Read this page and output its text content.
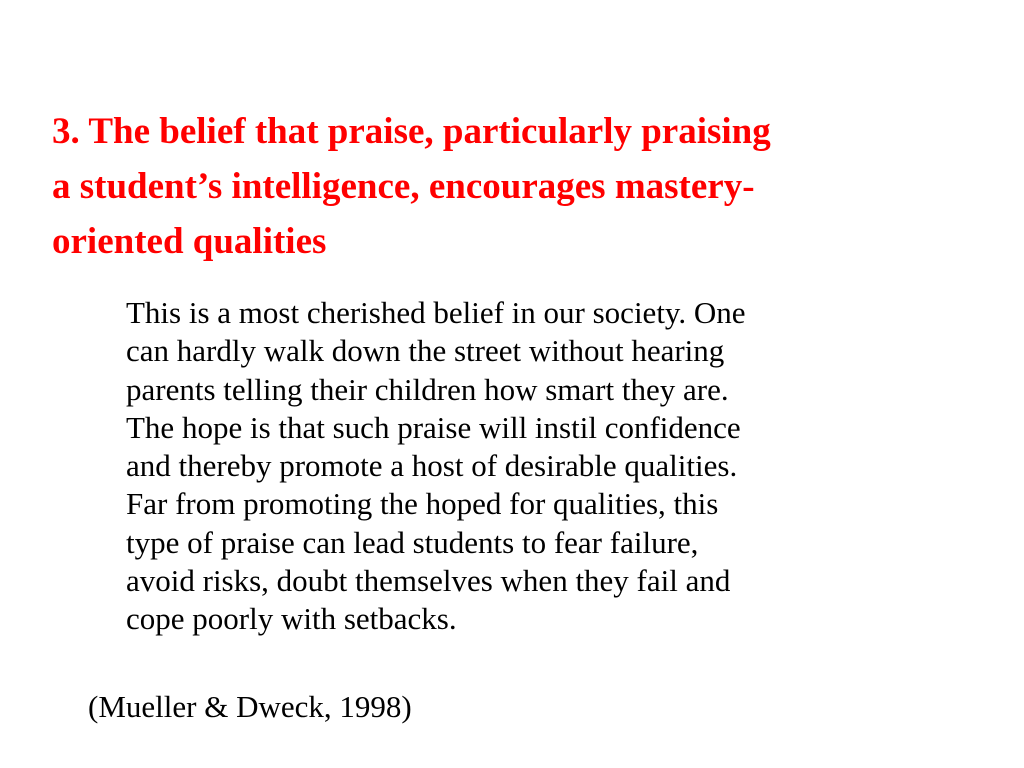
3. The belief that praise, particularly praising
a student’s intelligence, encourages mastery-
oriented qualities
This is a most cherished belief in our society. One
can hardly walk down the street without hearing
parents telling their children how smart they are.
The hope is that such praise will instil confidence
and thereby promote a host of desirable qualities.
Far from promoting the hoped for qualities, this
type of praise can lead students to fear failure,
avoid risks, doubt themselves when they fail and
cope poorly with setbacks.

(Mueller & Dweck, 1998)
